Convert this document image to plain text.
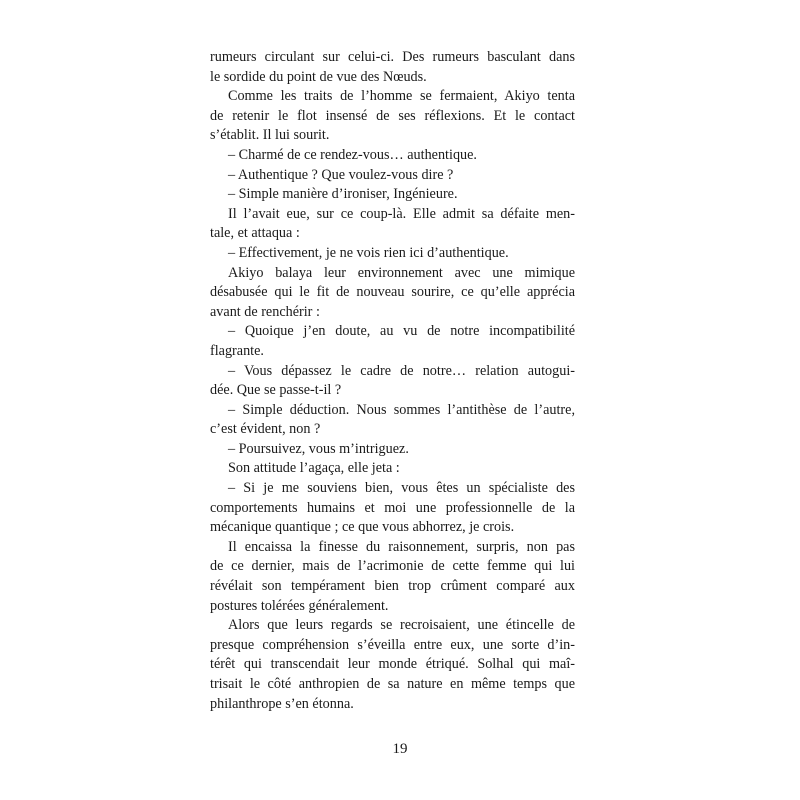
rumeurs circulant sur celui-ci. Des rumeurs basculant dans
le sordide du point de vue des Nœuds.
Comme les traits de l’homme se fermaient, Akiyo tenta
de retenir le flot insensé de ses réflexions. Et le contact
s’établit. Il lui sourit.
– Charmé de ce rendez-vous… authentique.
– Authentique ? Que voulez-vous dire ?
– Simple manière d’ironiser, Ingénieure.
Il l’avait eue, sur ce coup-là. Elle admit sa défaite men-
tale, et attaqua :
– Effectivement, je ne vois rien ici d’authentique.
Akiyo balaya leur environnement avec une mimique
désabusée qui le fit de nouveau sourire, ce qu’elle apprécia
avant de renchérir :
– Quoique j’en doute, au vu de notre incompatibilité
flagrante.
– Vous dépassez le cadre de notre… relation autogui-
dée. Que se passe-t-il ?
– Simple déduction. Nous sommes l’antithèse de l’autre,
c’est évident, non ?
– Poursuivez, vous m’intriguez.
Son attitude l’agaça, elle jeta :
– Si je me souviens bien, vous êtes un spécialiste des
comportements humains et moi une professionnelle de la
mécanique quantique ; ce que vous abhorrez, je crois.
Il encaissa la finesse du raisonnement, surpris, non pas
de ce dernier, mais de l’acrimonie de cette femme qui lui
révélait son tempérament bien trop crûment comparé aux
postures tolérées généralement.
Alors que leurs regards se recroisaient, une étincelle de
presque compréhension s’éveilla entre eux, une sorte d’in-
térêt qui transcendait leur monde étriqué. Solhal qui maî-
trisait le côté anthropien de sa nature en même temps que
philanthrope s’en étonna.
19
